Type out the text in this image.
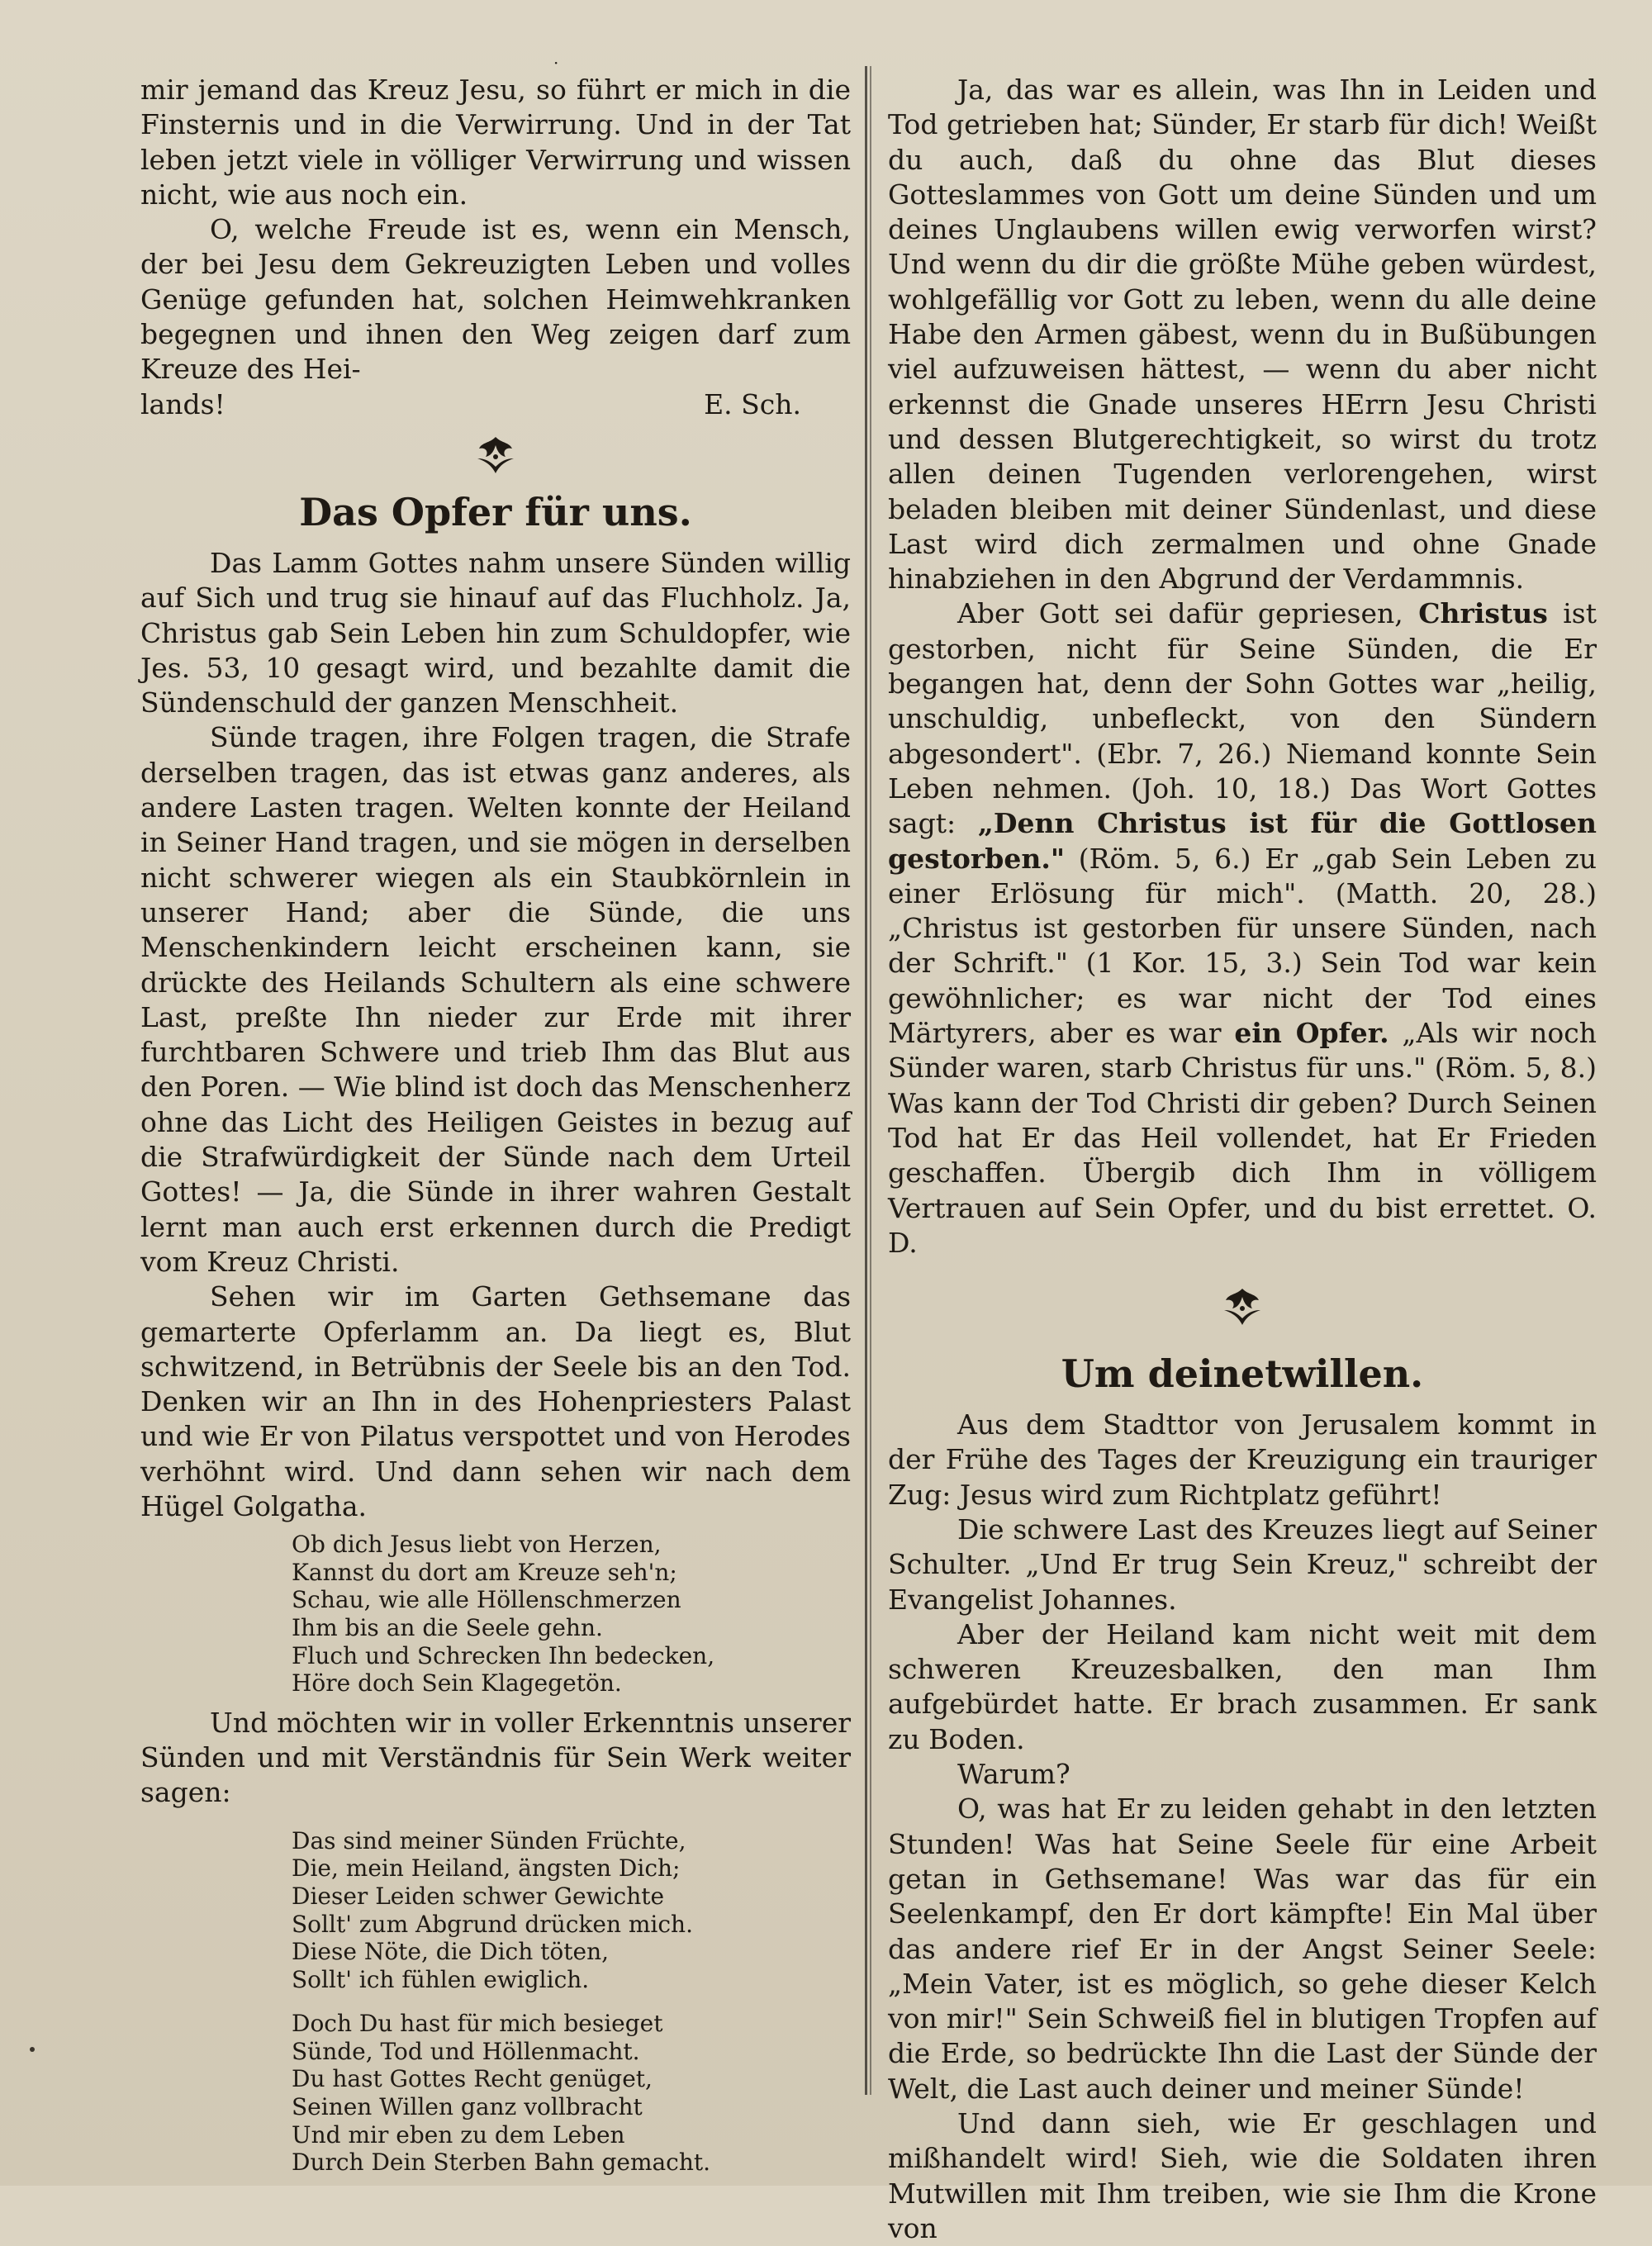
·

mir jemand das Kreuz Jesu, so führt er mich in die Finsternis und in die Verwirrung. Und in der Tat leben jetzt viele in völliger Verwirrung und wissen nicht, wie aus noch ein.

O, welche Freude ist es, wenn ein Mensch, der bei Jesu dem Gekreuzigten Leben und volles Genüge gefunden hat, solchen Heimwehkranken begegnen und ihnen den Weg zeigen darf zum Kreuze des Hei-

lands!	E. Sch.
Das Opfer für uns.

Das Lamm Gottes nahm unsere Sünden willig auf Sich und trug sie hinauf auf das Fluchholz. Ja, Christus gab Sein Leben hin zum Schuldopfer, wie Jes. 53, 10 gesagt wird, und bezahlte damit die Sündenschuld der ganzen Menschheit.

Sünde tragen, ihre Folgen tragen, die Strafe derselben tragen, das ist etwas ganz anderes, als andere Lasten tragen. Welten konnte der Heiland in Seiner Hand tragen, und sie mögen in derselben nicht schwerer wiegen als ein Staubkörnlein in unserer Hand; aber die Sünde, die uns Menschenkindern leicht erscheinen kann, sie drückte des Heilands Schultern als eine schwere Last, preßte Ihn nieder zur Erde mit ihrer furchtbaren Schwere und trieb Ihm das Blut aus den Poren. — Wie blind ist doch das Menschenherz ohne das Licht des Heiligen Geistes in bezug auf die Strafwürdigkeit der Sünde nach dem Urteil Gottes! — Ja, die Sünde in ihrer wahren Gestalt lernt man auch erst erkennen durch die Predigt vom Kreuz Christi.

Sehen wir im Garten Gethsemane das gemarterte Opferlamm an. Da liegt es, Blut schwitzend, in Betrübnis der Seele bis an den Tod. Denken wir an Ihn in des Hohenpriesters Palast und wie Er von Pilatus verspottet und von Herodes verhöhnt wird. Und dann sehen wir nach dem Hügel Golgatha.

Ob dich Jesus liebt von Herzen,
Kannst du dort am Kreuze seh'n;
Schau, wie alle Höllenschmerzen
Ihm bis an die Seele gehn.
Fluch und Schrecken Ihn bedecken,
Höre doch Sein Klagegetön.

Und möchten wir in voller Erkenntnis unserer Sünden und mit Verständnis für Sein Werk weiter sagen:

Das sind meiner Sünden Früchte,
Die, mein Heiland, ängsten Dich;
Dieser Leiden schwer Gewichte
Sollt' zum Abgrund drücken mich.
Diese Nöte, die Dich töten,
Sollt' ich fühlen ewiglich.
Doch Du hast für mich besieget
Sünde, Tod und Höllenmacht.
Du hast Gottes Recht genüget,
Seinen Willen ganz vollbracht
Und mir eben zu dem Leben
Durch Dein Sterben Bahn gemacht.

Ja, das war es allein, was Ihn in Leiden und Tod getrieben hat; Sünder, Er starb für dich! Weißt du auch, daß du ohne das Blut dieses Gotteslammes von Gott um deine Sünden und um deines Unglaubens willen ewig verworfen wirst? Und wenn du dir die größte Mühe geben würdest, wohlgefällig vor Gott zu leben, wenn du alle deine Habe den Armen gäbest, wenn du in Bußübungen viel aufzuweisen hättest, — wenn du aber nicht erkennst die Gnade unseres HErrn Jesu Christi und dessen Blutgerechtigkeit, so wirst du trotz allen deinen Tugenden verlorengehen, wirst beladen bleiben mit deiner Sündenlast, und diese Last wird dich zermalmen und ohne Gnade hinabziehen in den Abgrund der Verdammnis.

Aber Gott sei dafür gepriesen, Christus ist gestorben, nicht für Seine Sünden, die Er begangen hat, denn der Sohn Gottes war „heilig, unschuldig, unbefleckt, von den Sündern abgesondert". (Ebr. 7, 26.) Niemand konnte Sein Leben nehmen. (Joh. 10, 18.) Das Wort Gottes sagt: „Denn Christus ist für die Gottlosen gestorben." (Röm. 5, 6.) Er „gab Sein Leben zu einer Erlösung für mich". (Matth. 20, 28.) „Christus ist gestorben für unsere Sünden, nach der Schrift." (1 Kor. 15, 3.) Sein Tod war kein gewöhnlicher; es war nicht der Tod eines Märtyrers, aber es war ein Opfer. „Als wir noch Sünder waren, starb Christus für uns." (Röm. 5, 8.) Was kann der Tod Christi dir geben? Durch Seinen Tod hat Er das Heil vollendet, hat Er Frieden geschaffen. Übergib dich Ihm in völligem Vertrauen auf Sein Opfer, und du bist errettet. O. D.

Um deinetwillen.

Aus dem Stadttor von Jerusalem kommt in der Frühe des Tages der Kreuzigung ein trauriger Zug: Jesus wird zum Richtplatz geführt!

Die schwere Last des Kreuzes liegt auf Seiner Schulter. „Und Er trug Sein Kreuz," schreibt der Evangelist Johannes.

Aber der Heiland kam nicht weit mit dem schweren Kreuzesbalken, den man Ihm aufgebürdet hatte. Er brach zusammen. Er sank zu Boden.

Warum?

O, was hat Er zu leiden gehabt in den letzten Stunden! Was hat Seine Seele für eine Arbeit getan in Gethsemane! Was war das für ein Seelenkampf, den Er dort kämpfte! Ein Mal über das andere rief Er in der Angst Seiner Seele: „Mein Vater, ist es möglich, so gehe dieser Kelch von mir!" Sein Schweiß fiel in blutigen Tropfen auf die Erde, so bedrückte Ihn die Last der Sünde der Welt, die Last auch deiner und meiner Sünde!

Und dann sieh, wie Er geschlagen und mißhandelt wird! Sieh, wie die Soldaten ihren Mutwillen mit Ihm treiben, wie sie Ihm die Krone von
